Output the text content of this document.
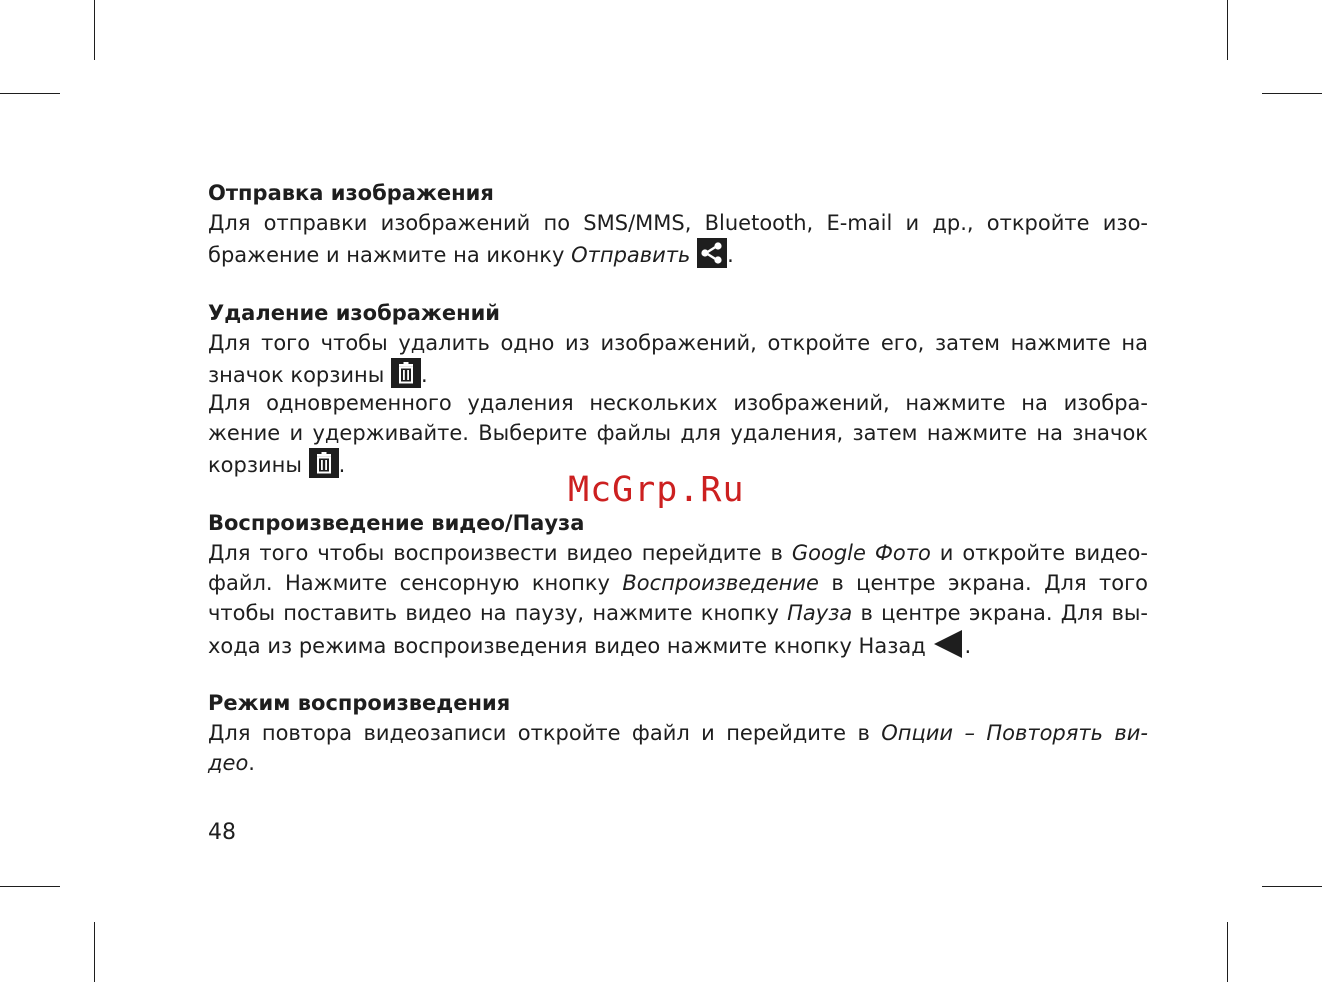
Отправка изображения
Для отправки изображений по SMS/MMS, Bluetooth, E-mail и др., откройте изо-
бражение и нажмите на иконку Отправить .
Удаление изображений
Для того чтобы удалить одно из изображений, откройте его, затем нажмите на
значок корзины
.
Для одновременного удаления нескольких изображений, нажмите на изобра-
жение и удерживайте. Выберите файлы для удаления, затем нажмите на значок
корзины
.
Воспроизведение видео/Пауза
Для того чтобы воспроизвести видео перейдите в Google Фото и откройте видео-
файл. Нажмите сенсорную кнопку Воспроизведение в центре экрана. Для того
чтобы поставить видео на паузу, нажмите кнопку Пауза в центре экрана. Для вы-
хода из режима воспроизведения видео нажмите кнопку Назад .
Режим воспроизведения
Для повтора видеозаписи откройте файл и перейдите в Опции – Повторять ви-
део.
McGrp.Ru
48
